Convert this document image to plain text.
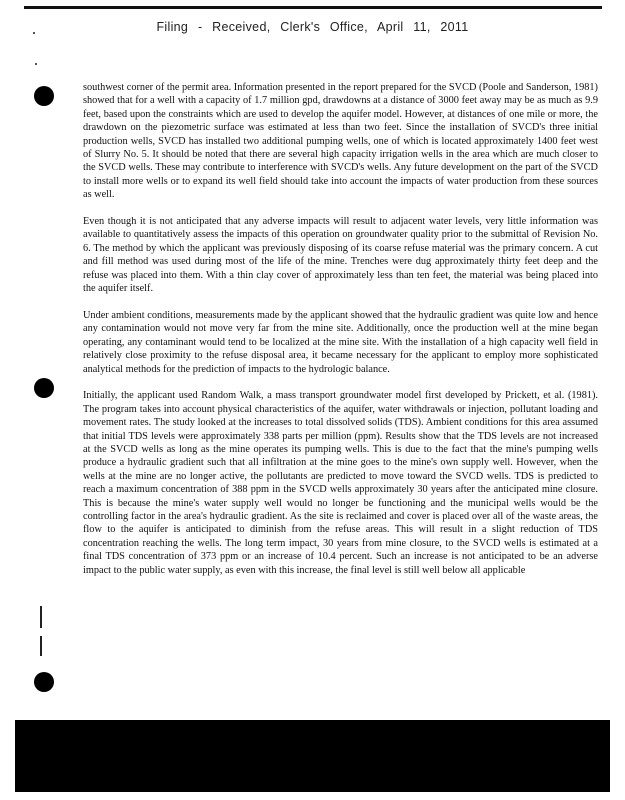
Filing - Received, Clerk's Office, April 11, 2011

southwest corner of the permit area. Information presented in the report prepared for the SVCD (Poole and Sanderson, 1981) showed that for a well with a capacity of 1.7 million gpd, drawdowns at a distance of 3000 feet away may be as much as 9.9 feet, based upon the constraints which are used to develop the aquifer model. However, at distances of one mile or more, the drawdown on the piezometric surface was estimated at less than two feet. Since the installation of SVCD's three initial production wells, SVCD has installed two additional pumping wells, one of which is located approximately 1400 feet west of Slurry No. 5. It should be noted that there are several high capacity irrigation wells in the area which are much closer to the SVCD wells. These may contribute to interference with SVCD's wells. Any future development on the part of the SVCD to install more wells or to expand its well field should take into account the impacts of water production from these sources as well.

Even though it is not anticipated that any adverse impacts will result to adjacent water levels, very little information was available to quantitatively assess the impacts of this operation on groundwater quality prior to the submittal of Revision No. 6. The method by which the applicant was previously disposing of its coarse refuse material was the primary concern. A cut and fill method was used during most of the life of the mine. Trenches were dug approximately thirty feet deep and the refuse was placed into them. With a thin clay cover of approximately less than ten feet, the material was being placed into the aquifer itself.

Under ambient conditions, measurements made by the applicant showed that the hydraulic gradient was quite low and hence any contamination would not move very far from the mine site. Additionally, once the production well at the mine began operating, any contaminant would tend to be localized at the mine site. With the installation of a high capacity well field in relatively close proximity to the refuse disposal area, it became necessary for the applicant to employ more sophisticated analytical methods for the prediction of impacts to the hydrologic balance.

Initially, the applicant used Random Walk, a mass transport groundwater model first developed by Prickett, et al. (1981). The program takes into account physical characteristics of the aquifer, water withdrawals or injection, pollutant loading and movement rates. The study looked at the increases to total dissolved solids (TDS). Ambient conditions for this area assumed that initial TDS levels were approximately 338 parts per million (ppm). Results show that the TDS levels are not increased at the SVCD wells as long as the mine operates its pumping wells. This is due to the fact that the mine's pumping wells produce a hydraulic gradient such that all infiltration at the mine goes to the mine's own supply well. However, when the wells at the mine are no longer active, the pollutants are predicted to move toward the SVCD wells. TDS is predicted to reach a maximum concentration of 388 ppm in the SVCD wells approximately 30 years after the anticipated mine closure. This is because the mine's water supply well would no longer be functioning and the municipal wells would be the controlling factor in the area's hydraulic gradient. As the site is reclaimed and cover is placed over all of the waste areas, the flow to the aquifer is anticipated to diminish from the refuse areas. This will result in a slight reduction of TDS concentration reaching the wells. The long term impact, 30 years from mine closure, to the SVCD wells is estimated at a final TDS concentration of 373 ppm or an increase of 10.4 percent. Such an increase is not anticipated to be an adverse impact to the public water supply, as even with this increase, the final level is still well below all applicable
